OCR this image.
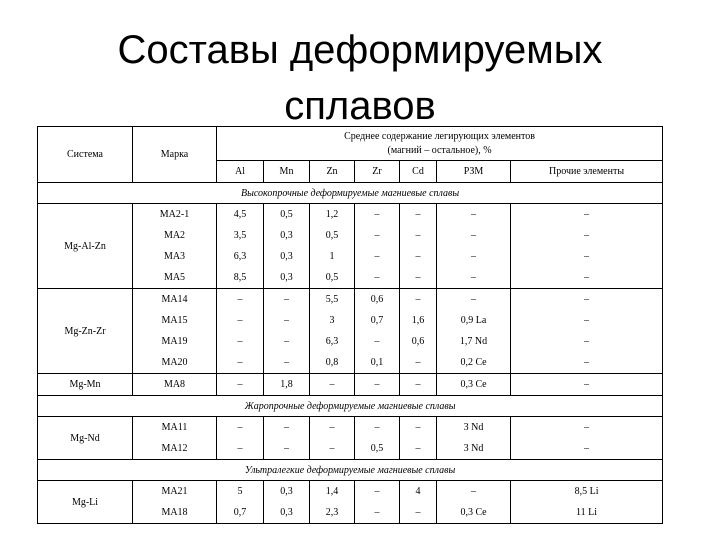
Составы деформируемых
сплавов
Система	Марка	Среднее содержание легирующих элементов
(магний – остальное), %						

		Al	Mn	Zn	Zr	Cd	РЗМ	Прочие элементы
Высокопрочные деформируемые магниевые сплавы								
Mg-Al-Zn	МА2-1	4,5	0,5	1,2	–	–	–	–
	МА2	3,5	0,3	0,5	–	–	–	–
	МА3	6,3	0,3	1	–	–	–	–
	МА5	8,5	0,3	0,5	–	–	–	–
Mg-Zn-Zr	МА14	–	–	5,5	0,6	–	–	–
	МА15	–	–	3	0,7	1,6	0,9 La	–
	МА19	–	–	6,3	–	0,6	1,7 Nd	–
	МА20	–	–	0,8	0,1	–	0,2 Ce	–
Mg-Mn	МА8	–	1,8	–	–	–	0,3 Ce	–
Жаропрочные деформируемые магниевые сплавы								
Mg-Nd	МА11	–	–	–	–	–	3 Nd	–
	МА12	–	–	–	0,5	–	3 Nd	–
Ультралегкие деформируемые магниевые сплавы								
Mg-Li	МА21	5	0,3	1,4	–	4	–	8,5 Li
	МА18	0,7	0,3	2,3	–	–	0,3 Ce	11 Li
